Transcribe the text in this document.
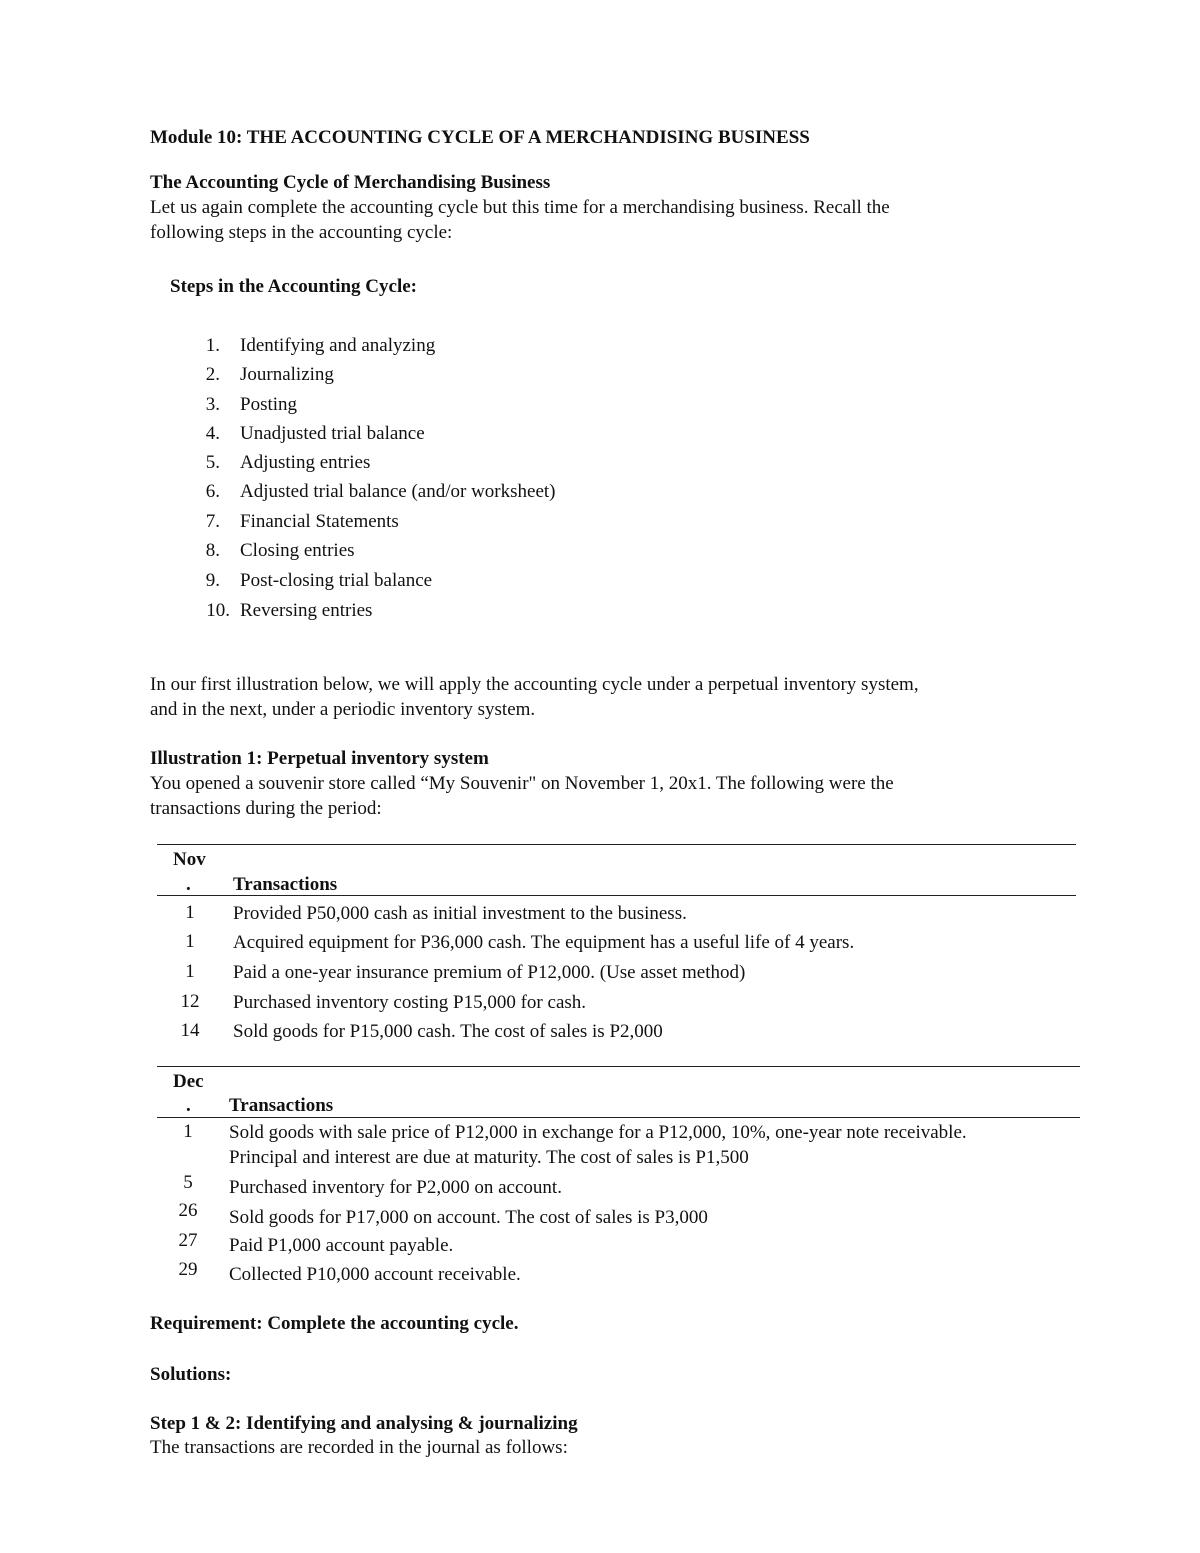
Module 10: THE ACCOUNTING CYCLE OF A MERCHANDISING BUSINESS
The Accounting Cycle of Merchandising Business
Let us again complete the accounting cycle but this time for a merchandising business. Recall the
following steps in the accounting cycle:
Steps in the Accounting Cycle:
1. Identifying and analyzing
2. Journalizing
3. Posting
4. Unadjusted trial balance
5. Adjusting entries
6. Adjusted trial balance (and/or worksheet)
7. Financial Statements
8. Closing entries
9. Post-closing trial balance
10. Reversing entries
In our first illustration below, we will apply the accounting cycle under a perpetual inventory system,
and in the next, under a periodic inventory system.
Illustration 1: Perpetual inventory system
You opened a souvenir store called “My Souvenir" on November 1, 20x1. The following were the
transactions during the period:
Nov
. Transactions
1	Provided P50,000 cash as initial investment to the business.
1	Acquired equipment for P36,000 cash. The equipment has a useful life of 4 years.
1	Paid a one-year insurance premium of P12,000. (Use asset method)
12	Purchased inventory costing P15,000 for cash.
14	Sold goods for P15,000 cash. The cost of sales is P2,000
Dec
. Transactions
1	Sold goods with sale price of P12,000 in exchange for a P12,000, 10%, one-year note receivable.
Principal and interest are due at maturity. The cost of sales is P1,500
5	Purchased inventory for P2,000 on account.
26	Sold goods for P17,000 on account. The cost of sales is P3,000
27	Paid P1,000 account payable.
29	Collected P10,000 account receivable.
Requirement: Complete the accounting cycle.
Solutions:
Step 1 & 2: Identifying and analysing & journalizing
The transactions are recorded in the journal as follows:
